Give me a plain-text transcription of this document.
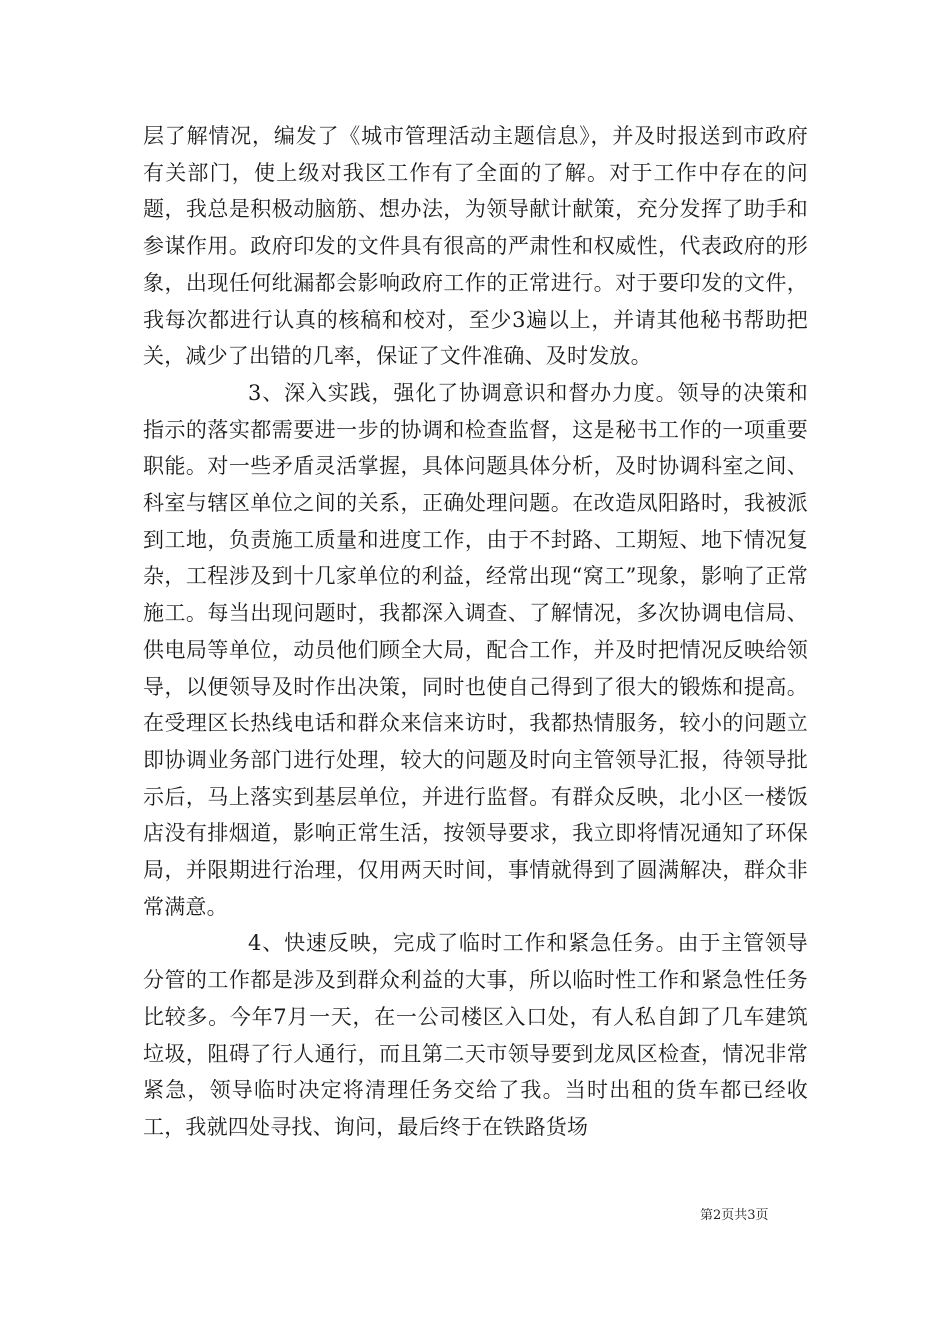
层了解情况，编发了《城市管理活动主题信息》，并及时报送到市政府有关部门，使上级对我区工作有了全面的了解。对于工作中存在的问题，我总是积极动脑筋、想办法，为领导献计献策，充分发挥了助手和参谋作用。政府印发的文件具有很高的严肃性和权威性，代表政府的形象，出现任何纰漏都会影响政府工作的正常进行。对于要印发的文件，我每次都进行认真的核稿和校对，至少3遍以上，并请其他秘书帮助把关，减少了出错的几率，保证了文件准确、及时发放。

3、深入实践，强化了协调意识和督办力度。领导的决策和指示的落实都需要进一步的协调和检查监督，这是秘书工作的一项重要职能。对一些矛盾灵活掌握，具体问题具体分析，及时协调科室之间、科室与辖区单位之间的关系，正确处理问题。在改造凤阳路时，我被派到工地，负责施工质量和进度工作，由于不封路、工期短、地下情况复杂，工程涉及到十几家单位的利益，经常出现“窝工”现象，影响了正常施工。每当出现问题时，我都深入调查、了解情况，多次协调电信局、供电局等单位，动员他们顾全大局，配合工作，并及时把情况反映给领导，以便领导及时作出决策，同时也使自己得到了很大的锻炼和提高。在受理区长热线电话和群众来信来访时，我都热情服务，较小的问题立即协调业务部门进行处理，较大的问题及时向主管领导汇报，待领导批示后，马上落实到基层单位，并进行监督。有群众反映，北小区一楼饭店没有排烟道，影响正常生活，按领导要求，我立即将情况通知了环保局，并限期进行治理，仅用两天时间，事情就得到了圆满解决，群众非常满意。

4、快速反映，完成了临时工作和紧急任务。由于主管领导分管的工作都是涉及到群众利益的大事，所以临时性工作和紧急性任务比较多。今年7月一天，在一公司楼区入口处，有人私自卸了几车建筑垃圾，阻碍了行人通行，而且第二天市领导要到龙凤区检查，情况非常紧急，领导临时决定将清理任务交给了我。当时出租的货车都已经收工，我就四处寻找、询问，最后终于在铁路货场

第2页共3页
